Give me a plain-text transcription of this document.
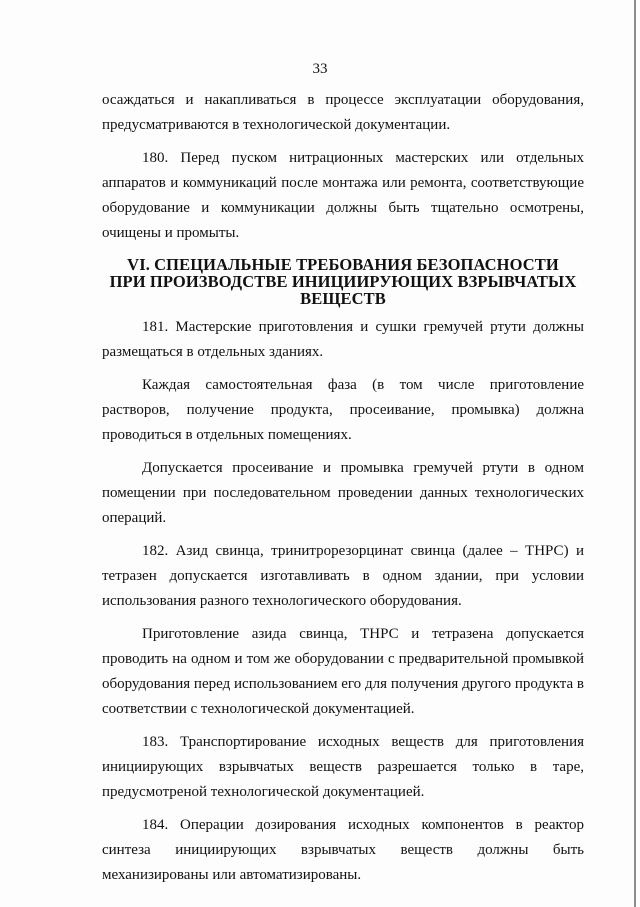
33

осаждаться и накапливаться в процессе эксплуатации оборудования, предусматриваются в технологической документации.

180. Перед пуском нитрационных мастерских или отдельных аппаратов и коммуникаций после монтажа или ремонта, соответствующие оборудование и коммуникации должны быть тщательно осмотрены, очищены и промыты.

VI. СПЕЦИАЛЬНЫЕ ТРЕБОВАНИЯ БЕЗОПАСНОСТИ
ПРИ ПРОИЗВОДСТВЕ ИНИЦИИРУЮЩИХ ВЗРЫВЧАТЫХ
ВЕЩЕСТВ

181. Мастерские приготовления и сушки гремучей ртути должны размещаться в отдельных зданиях.

Каждая самостоятельная фаза (в том числе приготовление растворов, получение продукта, просеивание, промывка) должна проводиться в отдельных помещениях.

Допускается просеивание и промывка гремучей ртути в одном помещении при последовательном проведении данных технологических операций.

182. Азид свинца, тринитрорезорцинат свинца (далее – ТНРС) и тетразен допускается изготавливать в одном здании, при условии использования разного технологического оборудования.

Приготовление азида свинца, ТНРС и тетразена допускается проводить на одном и том же оборудовании с предварительной промывкой оборудования перед использованием его для получения другого продукта в соответствии с технологической документацией.

183. Транспортирование исходных веществ для приготовления инициирующих взрывчатых веществ разрешается только в таре, предусмотреной технологической документацией.

184. Операции дозирования исходных компонентов в реактор синтеза инициирующих взрывчатых веществ должны быть механизированы или автоматизированы.
